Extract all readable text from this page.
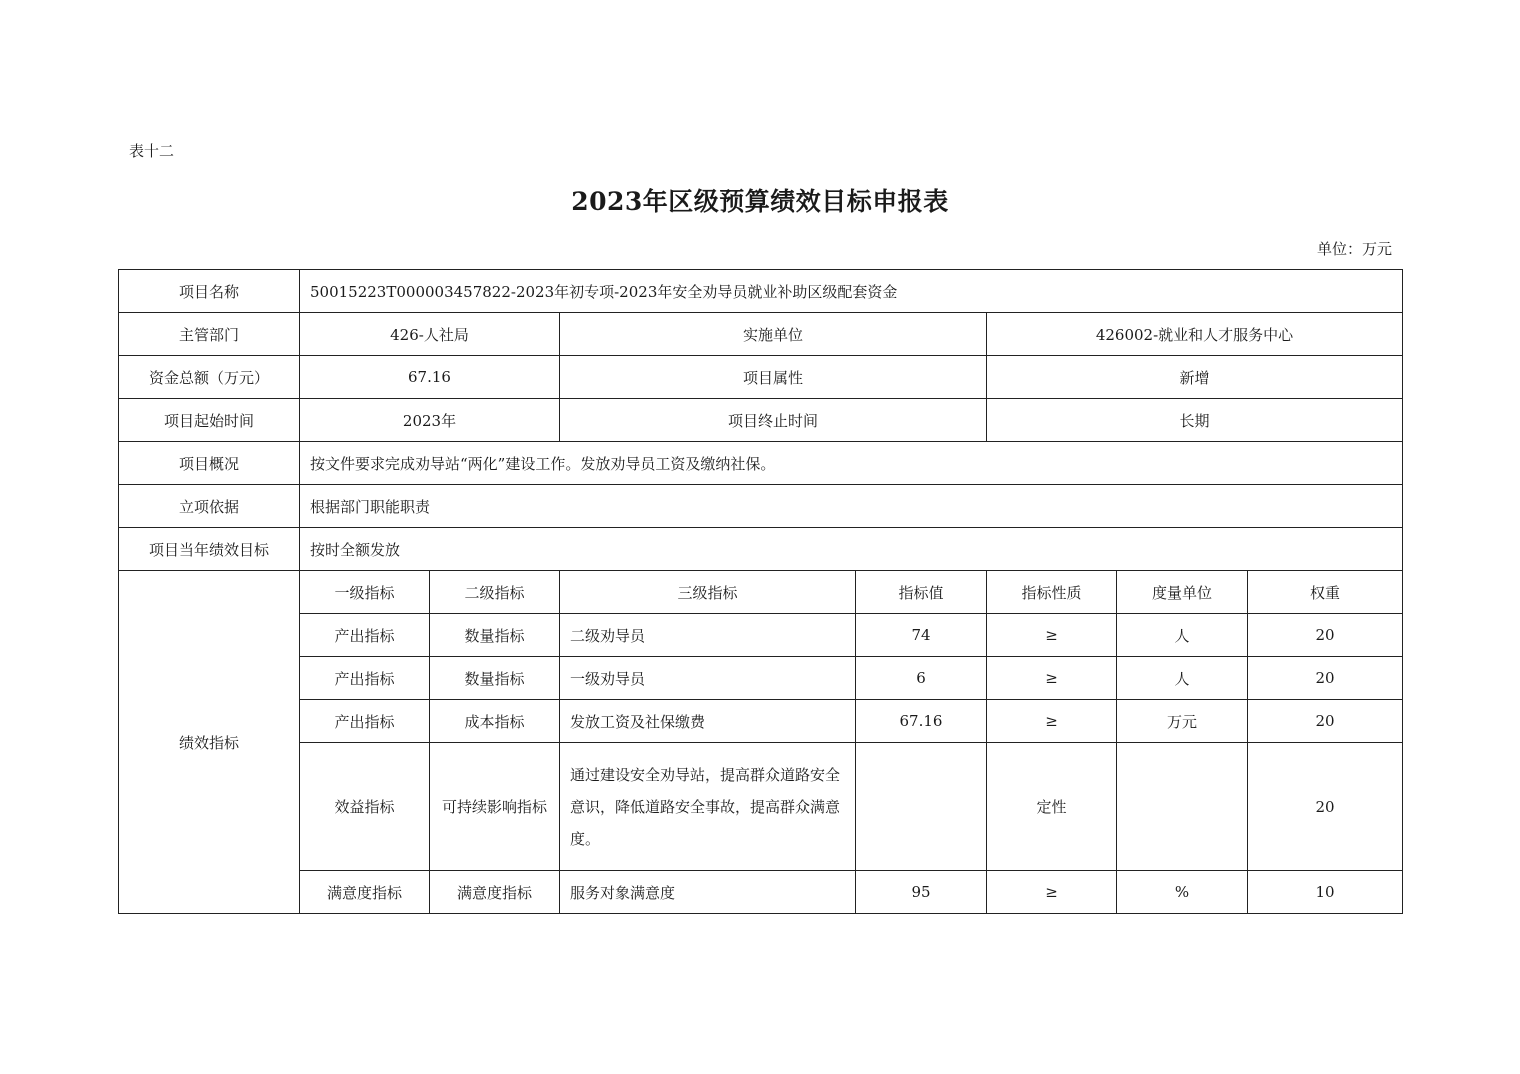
表十二
2023年区级预算绩效目标申报表
单位：万元
项目名称	50015223T000003457822-2023年初专项-2023年安全劝导员就业补助区级配套资金						
主管部门	426-人社局		实施单位		426002-就业和人才服务中心		
资金总额（万元）	67.16		项目属性		新增		
项目起始时间	2023年		项目终止时间		长期		
项目概况	按文件要求完成劝导站“两化”建设工作。发放劝导员工资及缴纳社保。						
立项依据	根据部门职能职责						
项目当年绩效目标	按时全额发放						
绩效指标	一级指标	二级指标	三级指标	指标值	指标性质	度量单位	权重
	产出指标	数量指标	二级劝导员	74	≥	人	20
	产出指标	数量指标	一级劝导员	6	≥	人	20
	产出指标	成本指标	发放工资及社保缴费	67.16	≥	万元	20
	效益指标	可持续影响指标	通过建设安全劝导站，提高群众道路安全意识，降低道路安全事故，提高群众满意度。		定性		20
	满意度指标	满意度指标	服务对象满意度	95	≥	%	10
